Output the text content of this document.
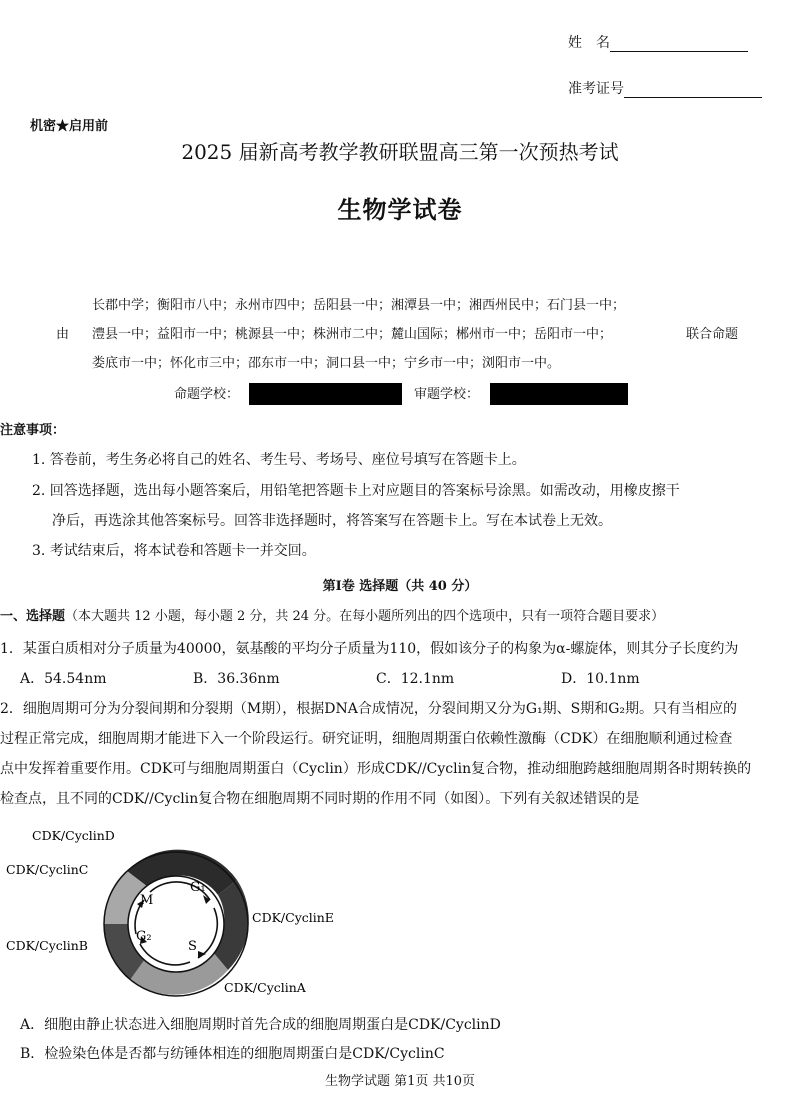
姓　名
准考证号
机密★启用前
2025 届新高考教学教研联盟高三第一次预热考试
生物学试卷
长郡中学；衡阳市八中；永州市四中；岳阳县一中；湘潭县一中；湘西州民中；石门县一中；
由 澧县一中；益阳市一中；桃源县一中；株洲市二中；麓山国际；郴州市一中；岳阳市一中；	联合命题
娄底市一中；怀化市三中；邵东市一中；洞口县一中；宁乡市一中；浏阳市一中。
命题学校：	审题学校：
注意事项：
1. 答卷前，考生务必将自己的姓名、考生号、考场号、座位号填写在答题卡上。
2. 回答选择题，选出每小题答案后，用铅笔把答题卡上对应题目的答案标号涂黑。如需改动，用橡皮擦干
净后，再选涂其他答案标号。回答非选择题时，将答案写在答题卡上。写在本试卷上无效。
3. 考试结束后，将本试卷和答题卡一并交回。
第Ⅰ卷 选择题（共 40 分）
一、选择题（本大题共 12 小题，每小题 2 分，共 24 分。在每小题所列出的四个选项中，只有一项符合题目要求）
1．某蛋白质相对分子质量为40000，氨基酸的平均分子质量为110，假如该分子的构象为α-螺旋体，则其分子长度约为
A．54.54nm	B．36.36nm	C．12.1nm	D．10.1nm
2．细胞周期可分为分裂间期和分裂期（M期），根据DNA合成情况，分裂间期又分为G₁期、S期和G₂期。只有当相应的
过程正常完成，细胞周期才能进下入一个阶段运行。研究证明，细胞周期蛋白依赖性激酶（CDK）在细胞顺利通过检查
点中发挥着重要作用。CDK可与细胞周期蛋白（Cyclin）形成CDK//Cyclin复合物，推动细胞跨越细胞周期各时期转换的
检查点，且不同的CDK//Cyclin复合物在细胞周期不同时期的作用不同（如图）。下列有关叙述错误的是
M
G₁
G₂
S
CDK/CyclinD
CDK/CyclinC
CDK/CyclinE
CDK/CyclinB
CDK/CyclinA
A．细胞由静止状态进入细胞周期时首先合成的细胞周期蛋白是CDK/CyclinD
B．检验染色体是否都与纺锤体相连的细胞周期蛋白是CDK/CyclinC
生物学试题 第1页 共10页
